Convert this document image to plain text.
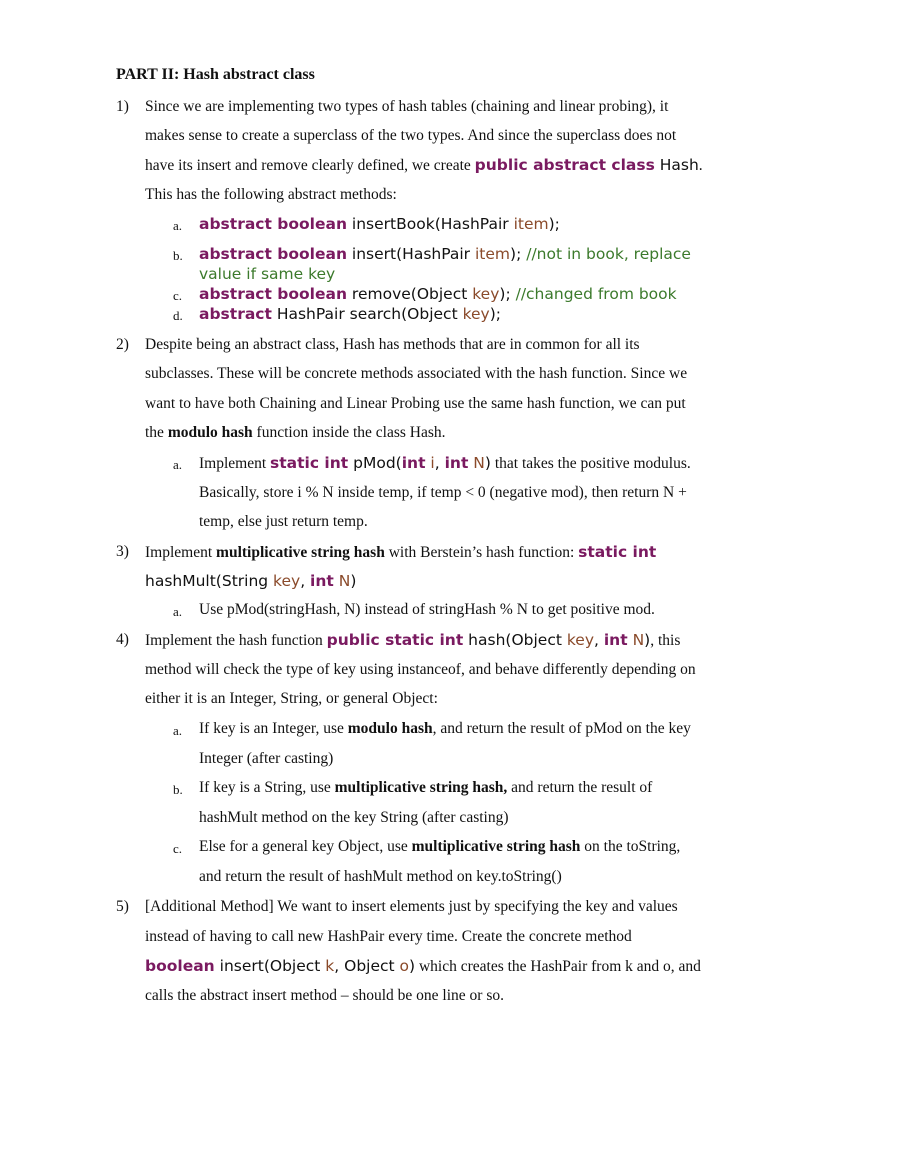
PART II: Hash abstract class
1) Since we are implementing two types of hash tables (chaining and linear probing), it
makes sense to create a superclass of the two types. And since the superclass does not
have its insert and remove clearly defined, we create public abstract class Hash.
This has the following abstract methods:
a. abstract boolean insertBook(HashPair item);
b. abstract boolean insert(HashPair item); //not in book, replace
value if same key
c. abstract boolean remove(Object key); //changed from book
d. abstract HashPair search(Object key);
2) Despite being an abstract class, Hash has methods that are in common for all its
subclasses. These will be concrete methods associated with the hash function. Since we
want to have both Chaining and Linear Probing use the same hash function, we can put
the modulo hash function inside the class Hash.
a. Implement static int pMod(int i, int N) that takes the positive modulus.
Basically, store i % N inside temp, if temp < 0 (negative mod), then return N +
temp, else just return temp.
3) Implement multiplicative string hash with Berstein’s hash function: static int
hashMult(String key, int N)
a. Use pMod(stringHash, N) instead of stringHash % N to get positive mod.
4) Implement the hash function public static int hash(Object key, int N), this
method will check the type of key using instanceof, and behave differently depending on
either it is an Integer, String, or general Object:
a. If key is an Integer, use modulo hash, and return the result of pMod on the key
Integer (after casting)
b. If key is a String, use multiplicative string hash, and return the result of
hashMult method on the key String (after casting)
c. Else for a general key Object, use multiplicative string hash on the toString,
and return the result of hashMult method on key.toString()
5) [Additional Method] We want to insert elements just by specifying the key and values
instead of having to call new HashPair every time. Create the concrete method
boolean insert(Object k, Object o) which creates the HashPair from k and o, and
calls the abstract insert method – should be one line or so.
